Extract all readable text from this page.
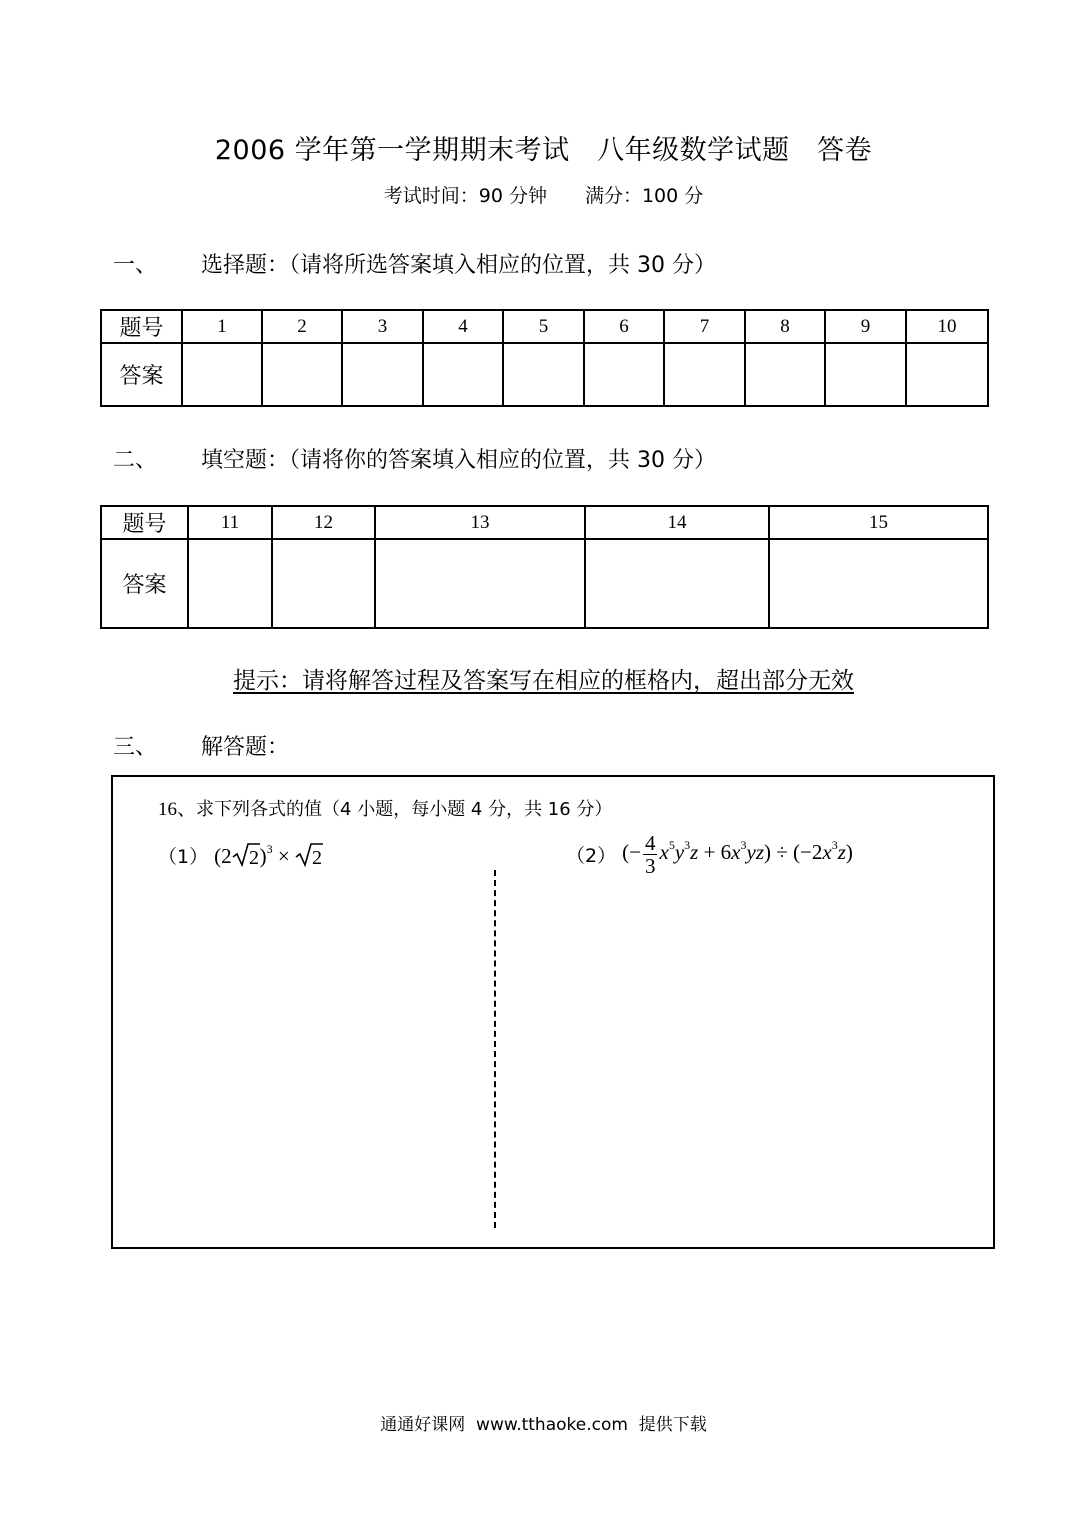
2006 学年第一学期期末考试　八年级数学试题　答卷
考试时间：90 分钟　　满分：100 分
一、 选择题：（请将所选答案填入相应的位置，共 30 分）
题号	1	2	3	4	5	6	7	8	9	10
答案										
二、 填空题：（请将你的答案填入相应的位置，共 30 分）
题号	11	12	13	14	15
答案					
提示：请将解答过程及答案写在相应的框格内，超出部分无效
三、 解答题：
16、求下列各式的值（4 小题，每小题 4 分，共 16 分）
（1） (2 2 )$^3$ × 2	（2） (− $\frac{4}{3} x^5y^3z + 6x^3yz) \div (-2x^3z)$
通通好课网  www.tthaoke.com  提供下载
